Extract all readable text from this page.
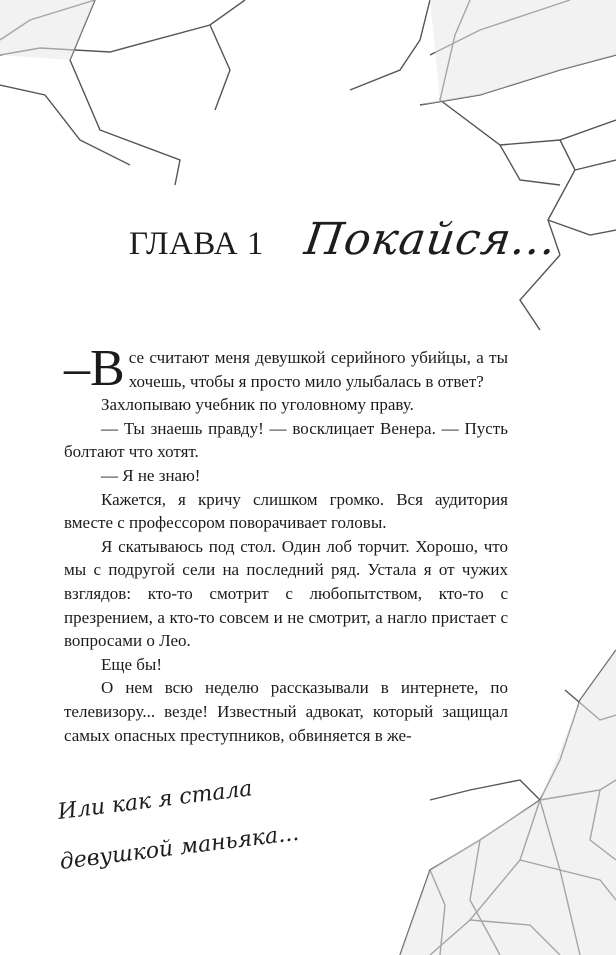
ГЛАВА 1 Покайся...

–В се считают меня девушкой серийного убийцы, а ты хочешь, чтобы я просто мило улыбалась в ответ?

Захлопываю учебник по уголовному праву.

— Ты знаешь правду! — восклицает Венера. — Пусть болтают что хотят.

— Я не знаю!

Кажется, я кричу слишком громко. Вся аудитория вместе с профессором поворачивает головы.

Я скатываюсь под стол. Один лоб торчит. Хорошо, что мы с подругой сели на последний ряд. Устала я от чужих взглядов: кто-то смотрит с любопытством, кто-то с презрением, а кто-то совсем и не смотрит, а нагло пристает с вопросами о Лео.

Еще бы!

О нем всю неделю рассказывали в интернете, по телевизору... везде! Известный адвокат, который защищал самых опасных преступников, обвиняется в же-

Или как я стала
девушкой маньяка...
